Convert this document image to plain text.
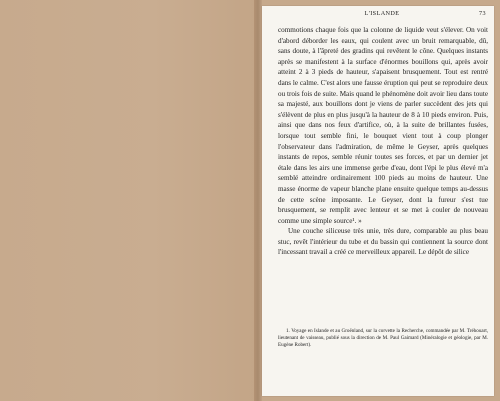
L'ISLANDE	73

commotions chaque fois que la colonne de liquide veut s'élever. On voit d'abord déborder les eaux, qui coulent avec un bruit remarquable, dû, sans doute, à l'âpreté des gradins qui revêtent le cône. Quelques instants après se manifestent à la surface d'énormes bouillons qui, après avoir atteint 2 à 3 pieds de hauteur, s'apaisent brusquement. Tout est rentré dans le calme. C'est alors une fausse éruption qui peut se reproduire deux ou trois fois de suite. Mais quand le phénomène doit avoir lieu dans toute sa majesté, aux bouillons dont je viens de parler succèdent des jets qui s'élèvent de plus en plus jusqu'à la hauteur de 8 à 10 pieds environ. Puis, ainsi que dans nos feux d'artifice, où, à la suite de brillantes fusées, lorsque tout semble fini, le bouquet vient tout à coup plonger l'observateur dans l'admiration, de même le Geyser, après quelques instants de repos, semble réunir toutes ses forces, et par un dernier jet étale dans les airs une immense gerbe d'eau, dont l'épi le plus élevé m'a semblé atteindre ordinairement 100 pieds au moins de hauteur. Une masse énorme de vapeur blanche plane ensuite quelque temps au-dessus de cette scène imposante. Le Geyser, dont la fureur s'est tue brusquement, se remplit avec lenteur et se met à couler de nouveau comme une simple source¹. »

Une couche siliceuse très unie, très dure, comparable au plus beau stuc, revêt l'intérieur du tube et du bassin qui contiennent la source dont l'incessant travail a créé ce merveilleux appareil. Le dépôt de silice

1. Voyage en Islande et au Groënland, sur la corvette la Recherche, commandée par M. Tréhouart, lieutenant de vaisseau, publié sous la direction de M. Paul Gaimard (Minéralogie et géologie, par M. Eugène Robert).
